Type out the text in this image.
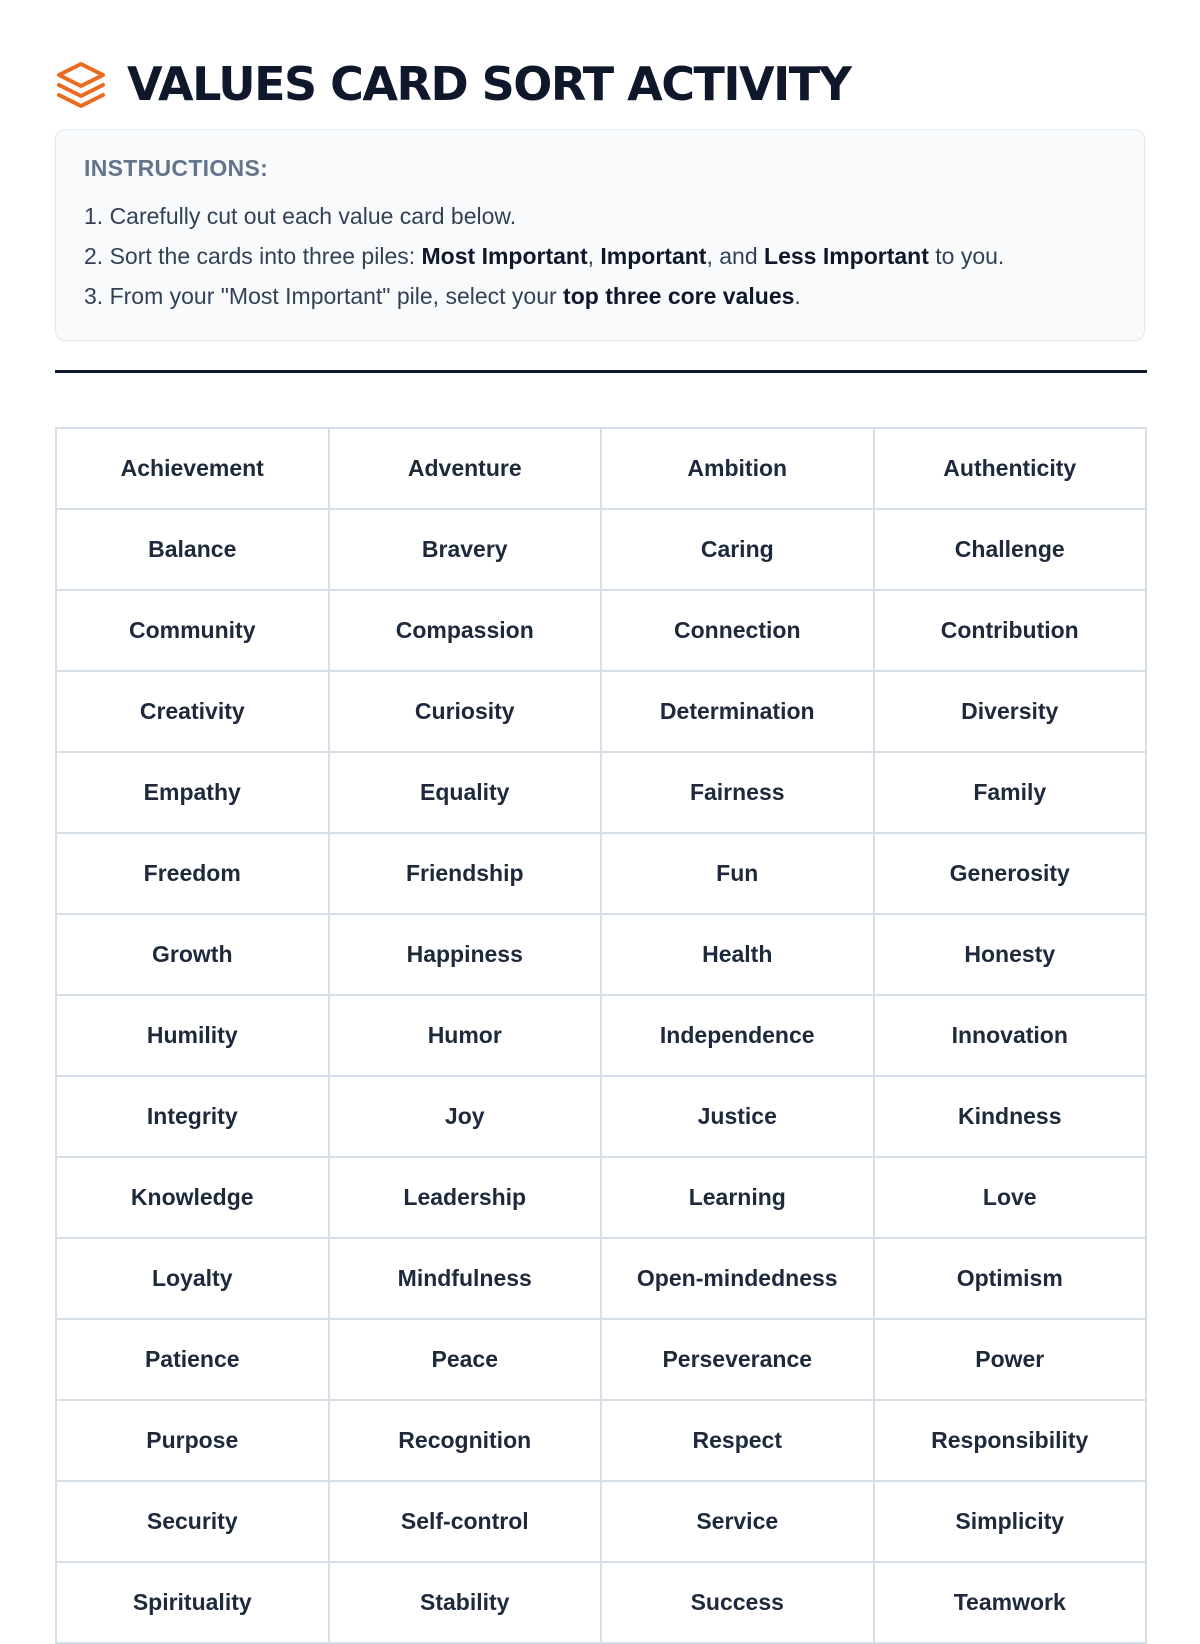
VALUES CARD SORT ACTIVITY
INSTRUCTIONS:
1. Carefully cut out each value card below.
2. Sort the cards into three piles: Most Important, Important, and Less Important to you.
3. From your "Most Important" pile, select your top three core values.
Achievement	Adventure	Ambition	Authenticity
Balance	Bravery	Caring	Challenge
Community	Compassion	Connection	Contribution
Creativity	Curiosity	Determination	Diversity
Empathy	Equality	Fairness	Family
Freedom	Friendship	Fun	Generosity
Growth	Happiness	Health	Honesty
Humility	Humor	Independence	Innovation
Integrity	Joy	Justice	Kindness
Knowledge	Leadership	Learning	Love
Loyalty	Mindfulness	Open-mindedness	Optimism
Patience	Peace	Perseverance	Power
Purpose	Recognition	Respect	Responsibility
Security	Self-control	Service	Simplicity
Spirituality	Stability	Success	Teamwork
